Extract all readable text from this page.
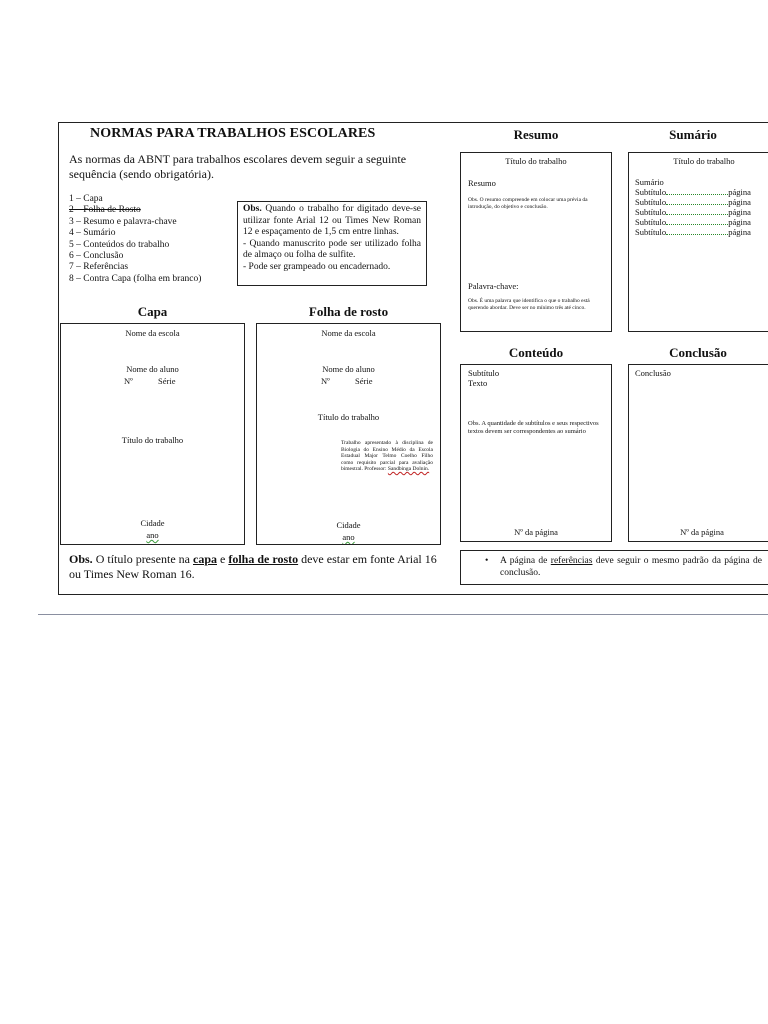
NORMAS PARA TRABALHOS ESCOLARES
As normas da ABNT para trabalhos escolares devem seguir a seguinte sequência (sendo obrigatória).
1 – Capa
2 – Folha de Rosto
3 – Resumo e palavra-chave
4 – Sumário
5 – Conteúdos do trabalho
6 – Conclusão
7 – Referências
8 – Contra Capa (folha em branco)

Obs. Quando o trabalho for digitado deve-se utilizar fonte Arial 12 ou Times New Roman 12 e espaçamento de 1,5 cm entre linhas.

- Quando manuscrito pode ser utilizado folha de almaço ou folha de sulfite.

- Pode ser grampeado ou encadernado.

Capa
Nome da escola
Nome do aluno
Nº	Série
Título do trabalho
Cidade
ano
Folha de rosto
Nome da escola
Nome do aluno
Nº	Série
Título do trabalho
Trabalho apresentado à disciplina de Biologia do Ensino Médio da Escola Estadual Major Telmo Coelho Filho como requisito parcial para avaliação bimestral. Professor: Sandbinga Dolnin.
Cidade
ano
Resumo
Título do trabalho
Resumo
Obs. O resumo compreende em colocar uma prévia da introdução, do objetivo e conclusão.
Palavra-chave:
Obs. É uma palavra que identifica o que o trabalho está querendo abordar. Deve ser no mínimo três até cinco.
Sumário
Título do trabalho
Sumário
Subtítulo	página
Subtítulo	página
Subtítulo	página
Subtítulo	página
Subtítulo	página
Conteúdo
Subtítulo
Texto
Obs. A quantidade de subtítulos e seus respectivos textos devem ser correspondentes ao sumário
Nº da página
Conclusão
Conclusão
Nº da página
Obs. O título presente na capa e folha de rosto deve estar em fonte Arial 16 ou Times New Roman 16.
• A página de referências deve seguir o mesmo padrão da página de conclusão.
